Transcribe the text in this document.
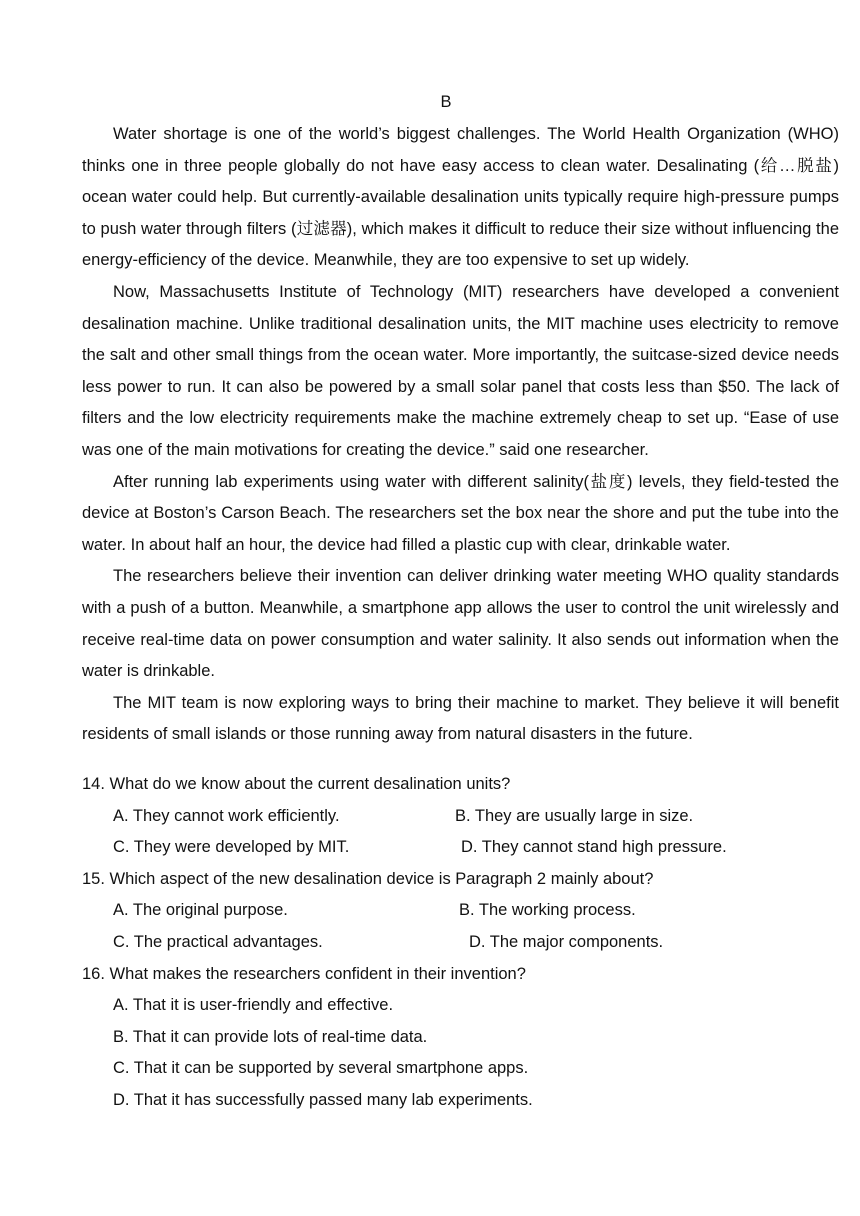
B

Water shortage is one of the world’s biggest challenges. The World Health Organization (WHO) thinks one in three people globally do not have easy access to clean water. Desalinating (给…脱盐) ocean water could help. But currently-available desalination units typically require high-pressure pumps to push water through filters (过滤器), which makes it difficult to reduce their size without influencing the energy-efficiency of the device. Meanwhile, they are too expensive to set up widely.

Now, Massachusetts Institute of Technology (MIT) researchers have developed a convenient desalination machine. Unlike traditional desalination units, the MIT machine uses electricity to remove the salt and other small things from the ocean water. More importantly, the suitcase-sized device needs less power to run. It can also be powered by a small solar panel that costs less than $50. The lack of filters and the low electricity requirements make the machine extremely cheap to set up. “Ease of use was one of the main motivations for creating the device.” said one researcher.

After running lab experiments using water with different salinity(盐度) levels, they field-tested the device at Boston’s Carson Beach. The researchers set the box near the shore and put the tube into the water. In about half an hour, the device had filled a plastic cup with clear, drinkable water.

The researchers believe their invention can deliver drinking water meeting WHO quality standards with a push of a button. Meanwhile, a smartphone app allows the user to control the unit wirelessly and receive real-time data on power consumption and water salinity. It also sends out information when the water is drinkable.

The MIT team is now exploring ways to bring their machine to market. They believe it will benefit residents of small islands or those running away from natural disasters in the future.

14. What do we know about the current desalination units?
A. They cannot work efficiently.	B. They are usually large in size.
C. They were developed by MIT.	D. They cannot stand high pressure.
15. Which aspect of the new desalination device is Paragraph 2 mainly about?
A. The original purpose.	B. The working process.
C. The practical advantages.	D. The major components.
16. What makes the researchers confident in their invention?
A. That it is user-friendly and effective.
B. That it can provide lots of real-time data.
C. That it can be supported by several smartphone apps.
D. That it has successfully passed many lab experiments.
